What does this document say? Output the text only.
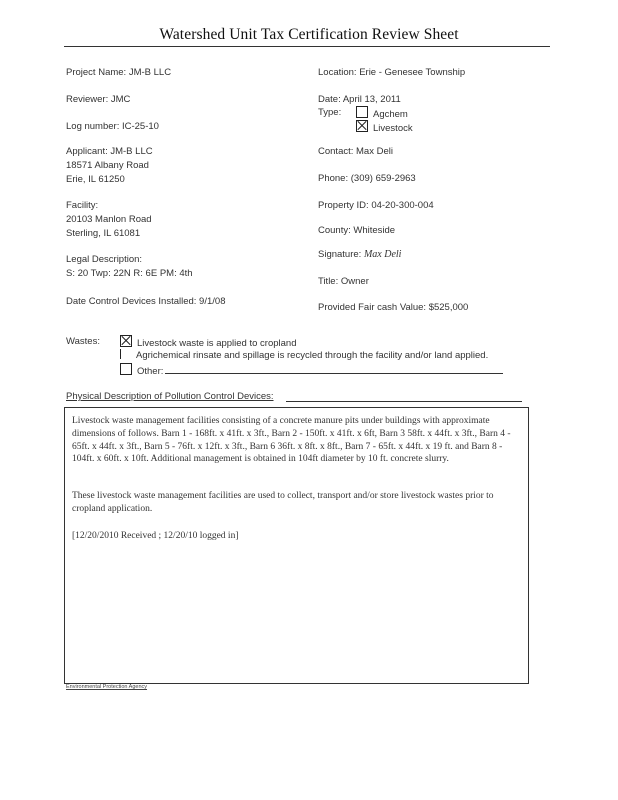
Watershed Unit Tax Certification Review Sheet
Project Name: JM-B LLC
Reviewer: JMC
Log number: IC-25-10
Applicant: JM-B LLC
18571 Albany Road
Erie, IL 61250
Facility:
20103 Manlon Road
Sterling, IL 61081
Legal Description:
S: 20 Twp: 22N R: 6E PM: 4th
Date Control Devices Installed: 9/1/08
Location: Erie - Genesee Township
Date: April 13, 2011
Type:	Agchem
Livestock
Contact: Max Deli
Phone: (309) 659-2963
Property ID: 04-20-300-004
County: Whiteside
Signature: Max Deli
Title: Owner
Provided Fair cash Value: $525,000
Wastes:	Livestock waste is applied to cropland
Agrichemical rinsate and spillage is recycled through the facility and/or land applied.
Other:
Physical Description of Pollution Control Devices:
Livestock waste management facilities consisting of a concrete manure pits under buildings with approximate dimensions of follows. Barn 1 - 168ft. x 41ft. x 3ft., Barn 2 - 150ft. x 41ft. x 6ft, Barn 3 58ft. x 44ft. x 3ft., Barn 4 - 65ft. x 44ft. x 3ft., Barn 5 - 76ft. x 12ft. x 3ft., Barn 6 36ft. x 8ft. x 8ft., Barn 7 - 65ft. x 44ft. x 19 ft. and Barn 8 - 104ft. x 60ft. x 10ft. Additional management is obtained in 104ft diameter by 10 ft. concrete slurry.
These livestock waste management facilities are used to collect, transport and/or store livestock wastes prior to cropland application.
[12/20/2010 Received ; 12/20/10 logged in]
Environmental Protection Agency
